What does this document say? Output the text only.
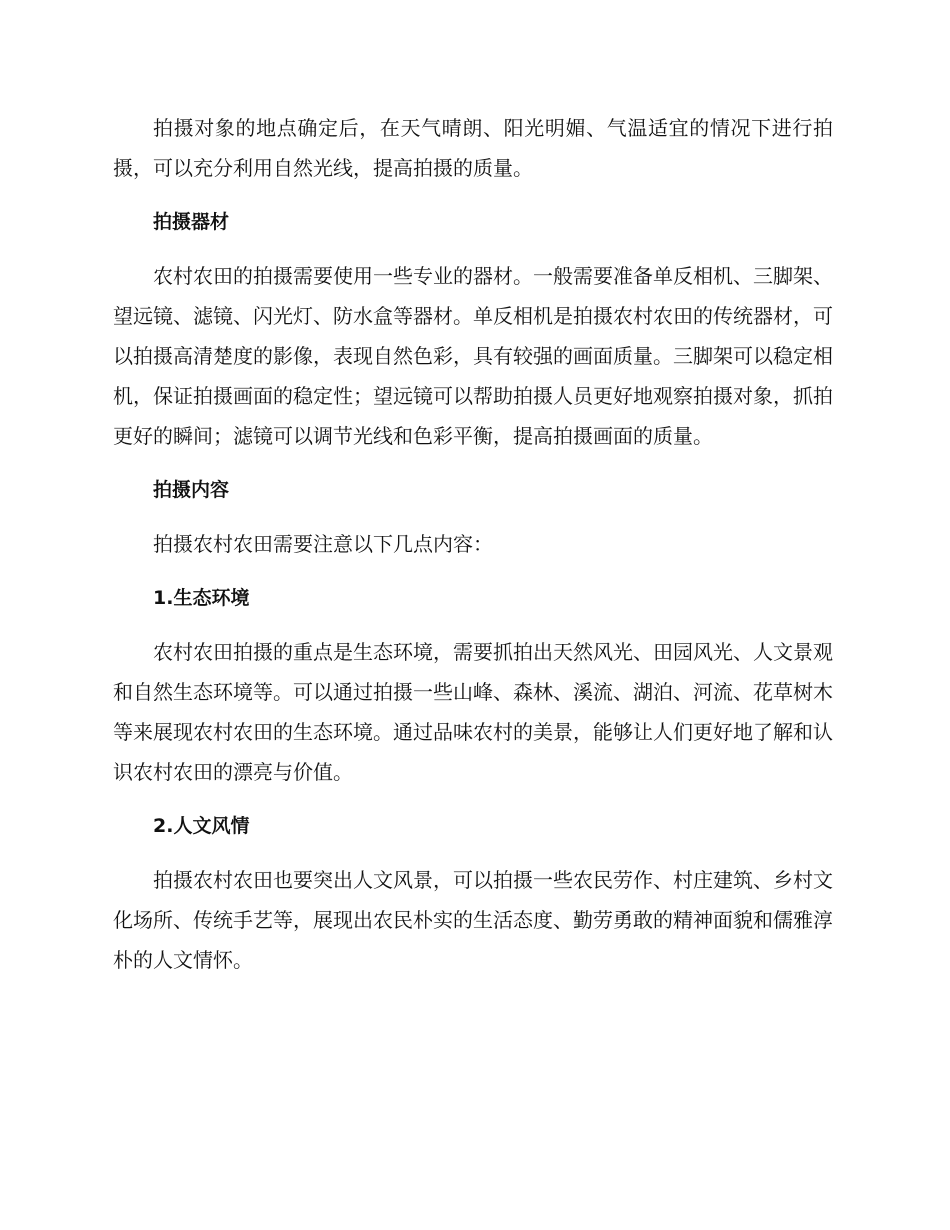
拍摄对象的地点确定后，在天气晴朗、阳光明媚、气温适宜的情况下进行拍摄，可以充分利用自然光线，提高拍摄的质量。

拍摄器材

农村农田的拍摄需要使用一些专业的器材。一般需要准备单反相机、三脚架、望远镜、滤镜、闪光灯、防水盒等器材。单反相机是拍摄农村农田的传统器材，可以拍摄高清楚度的影像，表现自然色彩，具有较强的画面质量。三脚架可以稳定相机，保证拍摄画面的稳定性；望远镜可以帮助拍摄人员更好地观察拍摄对象，抓拍更好的瞬间；滤镜可以调节光线和色彩平衡，提高拍摄画面的质量。

拍摄内容

拍摄农村农田需要注意以下几点内容：

1.生态环境

农村农田拍摄的重点是生态环境，需要抓拍出天然风光、田园风光、人文景观和自然生态环境等。可以通过拍摄一些山峰、森林、溪流、湖泊、河流、花草树木等来展现农村农田的生态环境。通过品味农村的美景，能够让人们更好地了解和认识农村农田的漂亮与价值。

2.人文风情

拍摄农村农田也要突出人文风景，可以拍摄一些农民劳作、村庄建筑、乡村文化场所、传统手艺等，展现出农民朴实的生活态度、勤劳勇敢的精神面貌和儒雅淳朴的人文情怀。
